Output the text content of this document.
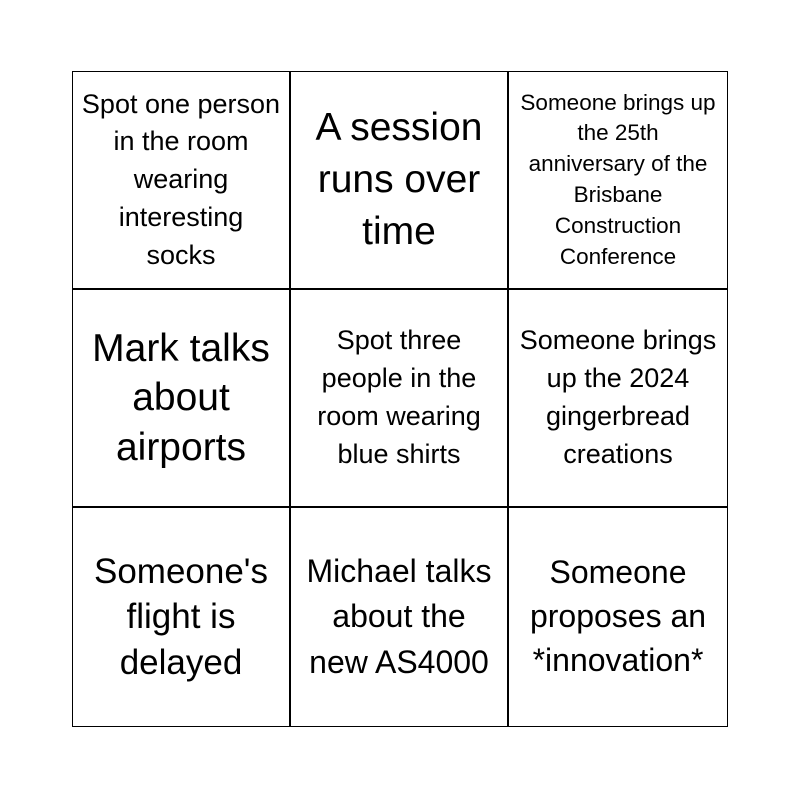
Spot one person in the room wearing interesting socks
A session runs over time
Someone brings up the 25th anniversary of the Brisbane Construction Conference
Mark talks about airports
Spot three people in the room wearing blue shirts
Someone brings up the 2024 gingerbread creations
Someone's flight is delayed
Michael talks about the new AS4000
Someone proposes an *innovation*
